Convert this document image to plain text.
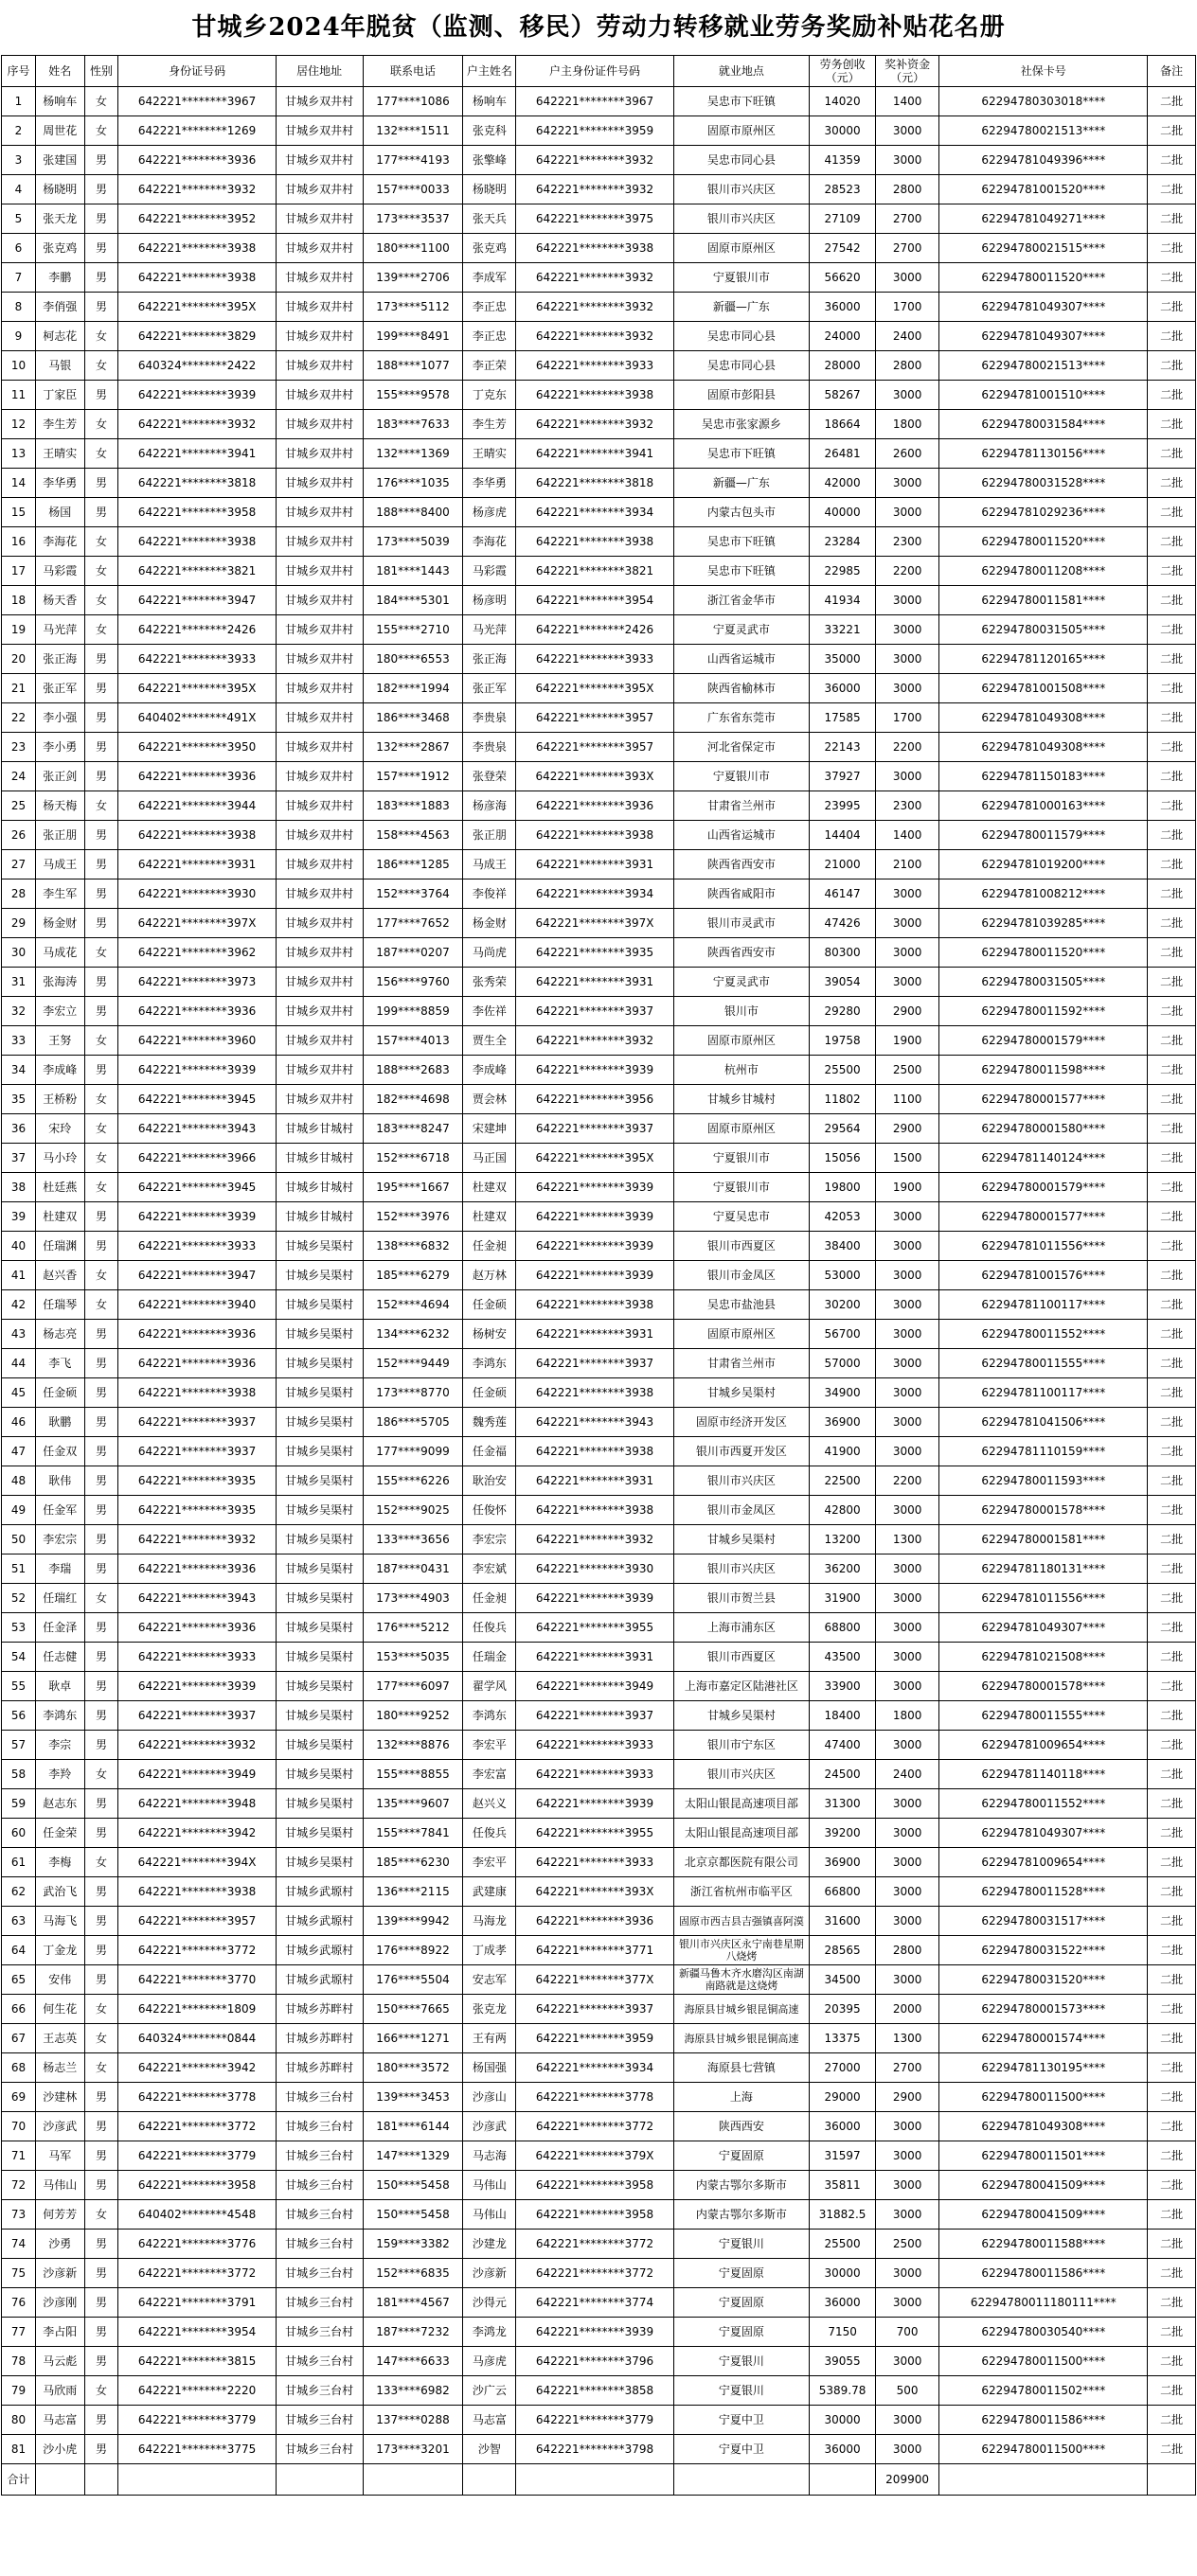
甘城乡2024年脱贫（监测、移民）劳动力转移就业劳务奖励补贴花名册
序号	姓名	性别	身份证号码	居住地址	联系电话	户主姓名	户主身份证件号码	就业地点	劳务创收（元）	奖补资金（元）	社保卡号	备注
1	杨响车	女	642221********3967	甘城乡双井村	177****1086	杨响车	642221********3967	吴忠市下旺镇	14020	1400	62294780303018****	二批
2	周世花	女	642221********1269	甘城乡双井村	132****1511	张克科	642221********3959	固原市原州区	30000	3000	62294780021513****	二批
3	张建国	男	642221********3936	甘城乡双井村	177****4193	张擎峰	642221********3932	吴忠市同心县	41359	3000	62294781049396****	二批
4	杨晓明	男	642221********3932	甘城乡双井村	157****0033	杨晓明	642221********3932	银川市兴庆区	28523	2800	62294781001520****	二批
5	张天龙	男	642221********3952	甘城乡双井村	173****3537	张天兵	642221********3975	银川市兴庆区	27109	2700	62294781049271****	二批
6	张克鸡	男	642221********3938	甘城乡双井村	180****1100	张克鸡	642221********3938	固原市原州区	27542	2700	62294780021515****	二批
7	李鹏	男	642221********3938	甘城乡双井村	139****2706	李成军	642221********3932	宁夏银川市	56620	3000	62294780011520****	二批
8	李俏强	男	642221********395X	甘城乡双井村	173****5112	李正忠	642221********3932	新疆—广东	36000	1700	62294781049307****	二批
9	柯志花	女	642221********3829	甘城乡双井村	199****8491	李正忠	642221********3932	吴忠市同心县	24000	2400	62294781049307****	二批
10	马银	女	640324********2422	甘城乡双井村	188****1077	李正荣	642221********3933	吴忠市同心县	28000	2800	62294780021513****	二批
11	丁家臣	男	642221********3939	甘城乡双井村	155****9578	丁克东	642221********3938	固原市彭阳县	58267	3000	62294781001510****	二批
12	李生芳	女	642221********3932	甘城乡双井村	183****7633	李生芳	642221********3932	吴忠市张家源乡	18664	1800	62294780031584****	二批
13	王晴实	女	642221********3941	甘城乡双井村	132****1369	王晴实	642221********3941	吴忠市下旺镇	26481	2600	62294781130156****	二批
14	李华勇	男	642221********3818	甘城乡双井村	176****1035	李华勇	642221********3818	新疆—广东	42000	3000	62294780031528****	二批
15	杨国	男	642221********3958	甘城乡双井村	188****8400	杨彦虎	642221********3934	内蒙古包头市	40000	3000	62294781029236****	二批
16	李海花	女	642221********3938	甘城乡双井村	173****5039	李海花	642221********3938	吴忠市下旺镇	23284	2300	62294780011520****	二批
17	马彩霞	女	642221********3821	甘城乡双井村	181****1443	马彩霞	642221********3821	吴忠市下旺镇	22985	2200	62294780011208****	二批
18	杨天香	女	642221********3947	甘城乡双井村	184****5301	杨彦明	642221********3954	浙江省金华市	41934	3000	62294780011581****	二批
19	马光萍	女	642221********2426	甘城乡双井村	155****2710	马光萍	642221********2426	宁夏灵武市	33221	3000	62294780031505****	二批
20	张正海	男	642221********3933	甘城乡双井村	180****6553	张正海	642221********3933	山西省运城市	35000	3000	62294781120165****	二批
21	张正军	男	642221********395X	甘城乡双井村	182****1994	张正军	642221********395X	陕西省榆林市	36000	3000	62294781001508****	二批
22	李小强	男	640402********491X	甘城乡双井村	186****3468	李贵泉	642221********3957	广东省东莞市	17585	1700	62294781049308****	二批
23	李小勇	男	642221********3950	甘城乡双井村	132****2867	李贵泉	642221********3957	河北省保定市	22143	2200	62294781049308****	二批
24	张正剑	男	642221********3936	甘城乡双井村	157****1912	张登荣	642221********393X	宁夏银川市	37927	3000	62294781150183****	二批
25	杨天梅	女	642221********3944	甘城乡双井村	183****1883	杨彦海	642221********3936	甘肃省兰州市	23995	2300	62294781000163****	二批
26	张正朋	男	642221********3938	甘城乡双井村	158****4563	张正朋	642221********3938	山西省运城市	14404	1400	62294780011579****	二批
27	马成王	男	642221********3931	甘城乡双井村	186****1285	马成王	642221********3931	陕西省西安市	21000	2100	62294781019200****	二批
28	李生军	男	642221********3930	甘城乡双井村	152****3764	李俊祥	642221********3934	陕西省咸阳市	46147	3000	62294781008212****	二批
29	杨金财	男	642221********397X	甘城乡双井村	177****7652	杨金财	642221********397X	银川市灵武市	47426	3000	62294781039285****	二批
30	马成花	女	642221********3962	甘城乡双井村	187****0207	马尚虎	642221********3935	陕西省西安市	80300	3000	62294780011520****	二批
31	张海涛	男	642221********3973	甘城乡双井村	156****9760	张秀荣	642221********3931	宁夏灵武市	39054	3000	62294780031505****	二批
32	李宏立	男	642221********3936	甘城乡双井村	199****8859	李佐祥	642221********3937	银川市	29280	2900	62294780011592****	二批
33	王努	女	642221********3960	甘城乡双井村	157****4013	贾生全	642221********3932	固原市原州区	19758	1900	62294780001579****	二批
34	李成峰	男	642221********3939	甘城乡双井村	188****2683	李成峰	642221********3939	杭州市	25500	2500	62294780011598****	二批
35	王桥粉	女	642221********3945	甘城乡双井村	182****4698	贾会林	642221********3956	甘城乡甘城村	11802	1100	62294780001577****	二批
36	宋玲	女	642221********3943	甘城乡甘城村	183****8247	宋建坤	642221********3937	固原市原州区	29564	2900	62294780001580****	二批
37	马小玲	女	642221********3966	甘城乡甘城村	152****6718	马正国	642221********395X	宁夏银川市	15056	1500	62294781140124****	二批
38	杜廷燕	女	642221********3945	甘城乡甘城村	195****1667	杜建双	642221********3939	宁夏银川市	19800	1900	62294780001579****	二批
39	杜建双	男	642221********3939	甘城乡甘城村	152****3976	杜建双	642221********3939	宁夏吴忠市	42053	3000	62294780001577****	二批
40	任瑞渊	男	642221********3933	甘城乡吴渠村	138****6832	任金昶	642221********3939	银川市西夏区	38400	3000	62294781011556****	二批
41	赵兴香	女	642221********3947	甘城乡吴渠村	185****6279	赵万林	642221********3939	银川市金凤区	53000	3000	62294781001576****	二批
42	任瑞琴	女	642221********3940	甘城乡吴渠村	152****4694	任金硕	642221********3938	吴忠市盐池县	30200	3000	62294781100117****	二批
43	杨志亮	男	642221********3936	甘城乡吴渠村	134****6232	杨树安	642221********3931	固原市原州区	56700	3000	62294780011552****	二批
44	李飞	男	642221********3936	甘城乡吴渠村	152****9449	李鸿东	642221********3937	甘肃省兰州市	57000	3000	62294780011555****	二批
45	任金硕	男	642221********3938	甘城乡吴渠村	173****8770	任金硕	642221********3938	甘城乡吴渠村	34900	3000	62294781100117****	二批
46	耿鹏	男	642221********3937	甘城乡吴渠村	186****5705	魏秀莲	642221********3943	固原市经济开发区	36900	3000	62294781041506****	二批
47	任金双	男	642221********3937	甘城乡吴渠村	177****9099	任金福	642221********3938	银川市西夏开发区	41900	3000	62294781110159****	二批
48	耿伟	男	642221********3935	甘城乡吴渠村	155****6226	耿治安	642221********3931	银川市兴庆区	22500	2200	62294780011593****	二批
49	任金军	男	642221********3935	甘城乡吴渠村	152****9025	任俊怀	642221********3938	银川市金凤区	42800	3000	62294780001578****	二批
50	李宏宗	男	642221********3932	甘城乡吴渠村	133****3656	李宏宗	642221********3932	甘城乡吴渠村	13200	1300	62294780001581****	二批
51	李瑞	男	642221********3936	甘城乡吴渠村	187****0431	李宏斌	642221********3930	银川市兴庆区	36200	3000	62294781180131****	二批
52	任瑞红	女	642221********3943	甘城乡吴渠村	173****4903	任金昶	642221********3939	银川市贺兰县	31900	3000	62294781011556****	二批
53	任金泽	男	642221********3936	甘城乡吴渠村	176****5212	任俊兵	642221********3955	上海市浦东区	68800	3000	62294781049307****	二批
54	任志健	男	642221********3933	甘城乡吴渠村	153****5035	任瑞金	642221********3931	银川市西夏区	43500	3000	62294781021508****	二批
55	耿卓	男	642221********3939	甘城乡吴渠村	177****6097	翟学风	642221********3949	上海市嘉定区陆港社区	33900	3000	62294780001578****	二批
56	李鸿东	男	642221********3937	甘城乡吴渠村	180****9252	李鸿东	642221********3937	甘城乡吴渠村	18400	1800	62294780011555****	二批
57	李宗	男	642221********3932	甘城乡吴渠村	132****8876	李宏平	642221********3933	银川市宁东区	47400	3000	62294781009654****	二批
58	李羚	女	642221********3949	甘城乡吴渠村	155****8855	李宏富	642221********3933	银川市兴庆区	24500	2400	62294781140118****	二批
59	赵志东	男	642221********3948	甘城乡吴渠村	135****9607	赵兴义	642221********3939	太阳山银昆高速项目部	31300	3000	62294780011552****	二批
60	任金荣	男	642221********3942	甘城乡吴渠村	155****7841	任俊兵	642221********3955	太阳山银昆高速项目部	39200	3000	62294781049307****	二批
61	李梅	女	642221********394X	甘城乡吴渠村	185****6230	李宏平	642221********3933	北京京都医院有限公司	36900	3000	62294781009654****	二批
62	武治飞	男	642221********3938	甘城乡武塬村	136****2115	武建康	642221********393X	浙江省杭州市临平区	66800	3000	62294780011528****	二批
63	马海飞	男	642221********3957	甘城乡武塬村	139****9942	马海龙	642221********3936	固原市西吉县吉强镇喜阿漠	31600	3000	62294780031517****	二批
64	丁金龙	男	642221********3772	甘城乡武塬村	176****8922	丁成孝	642221********3771	银川市兴庆区永宁南巷星期八烧烤	28565	2800	62294780031522****	二批
65	安伟	男	642221********3770	甘城乡武塬村	176****5504	安志军	642221********377X	新疆马鲁木齐水磨沟区南湖南路就是这烧烤	34500	3000	62294780031520****	二批
66	何生花	女	642221********1809	甘城乡苏畔村	150****7665	张克龙	642221********3937	海原县甘城乡银昆铜高速	20395	2000	62294780001573****	二批
67	王志英	女	640324********0844	甘城乡苏畔村	166****1271	王有两	642221********3959	海原县甘城乡银昆铜高速	13375	1300	62294780001574****	二批
68	杨志兰	女	642221********3942	甘城乡苏畔村	180****3572	杨国强	642221********3934	海原县七营镇	27000	2700	62294781130195****	二批
69	沙建林	男	642221********3778	甘城乡三台村	139****3453	沙彦山	642221********3778	上海	29000	2900	62294780011500****	二批
70	沙彦武	男	642221********3772	甘城乡三台村	181****6144	沙彦武	642221********3772	陕西西安	36000	3000	62294781049308****	二批
71	马军	男	642221********3779	甘城乡三台村	147****1329	马志海	642221********379X	宁夏固原	31597	3000	62294780011501****	二批
72	马伟山	男	642221********3958	甘城乡三台村	150****5458	马伟山	642221********3958	内蒙古鄂尔多斯市	35811	3000	62294780041509****	二批
73	何芳芳	女	640402********4548	甘城乡三台村	150****5458	马伟山	642221********3958	内蒙古鄂尔多斯市	31882.5	3000	62294780041509****	二批
74	沙勇	男	642221********3776	甘城乡三台村	159****3382	沙建龙	642221********3772	宁夏银川	25500	2500	62294780011588****	二批
75	沙彦新	男	642221********3772	甘城乡三台村	152****6835	沙彦新	642221********3772	宁夏固原	30000	3000	62294780011586****	二批
76	沙彦刚	男	642221********3791	甘城乡三台村	181****4567	沙得元	642221********3774	宁夏固原	36000	3000	62294780011180111****	二批
77	李占阳	男	642221********3954	甘城乡三台村	187****7232	李鸿龙	642221********3939	宁夏固原	7150	700	62294780030540****	二批
78	马云彪	男	642221********3815	甘城乡三台村	147****6633	马彦虎	642221********3796	宁夏银川	39055	3000	62294780011500****	二批
79	马欣雨	女	642221********2220	甘城乡三台村	133****6982	沙广云	642221********3858	宁夏银川	5389.78	500	62294780011502****	二批
80	马志富	男	642221********3779	甘城乡三台村	137****0288	马志富	642221********3779	宁夏中卫	30000	3000	62294780011586****	二批
81	沙小虎	男	642221********3775	甘城乡三台村	173****3201	沙智	642221********3798	宁夏中卫	36000	3000	62294780011500****	二批
合计										209900		
